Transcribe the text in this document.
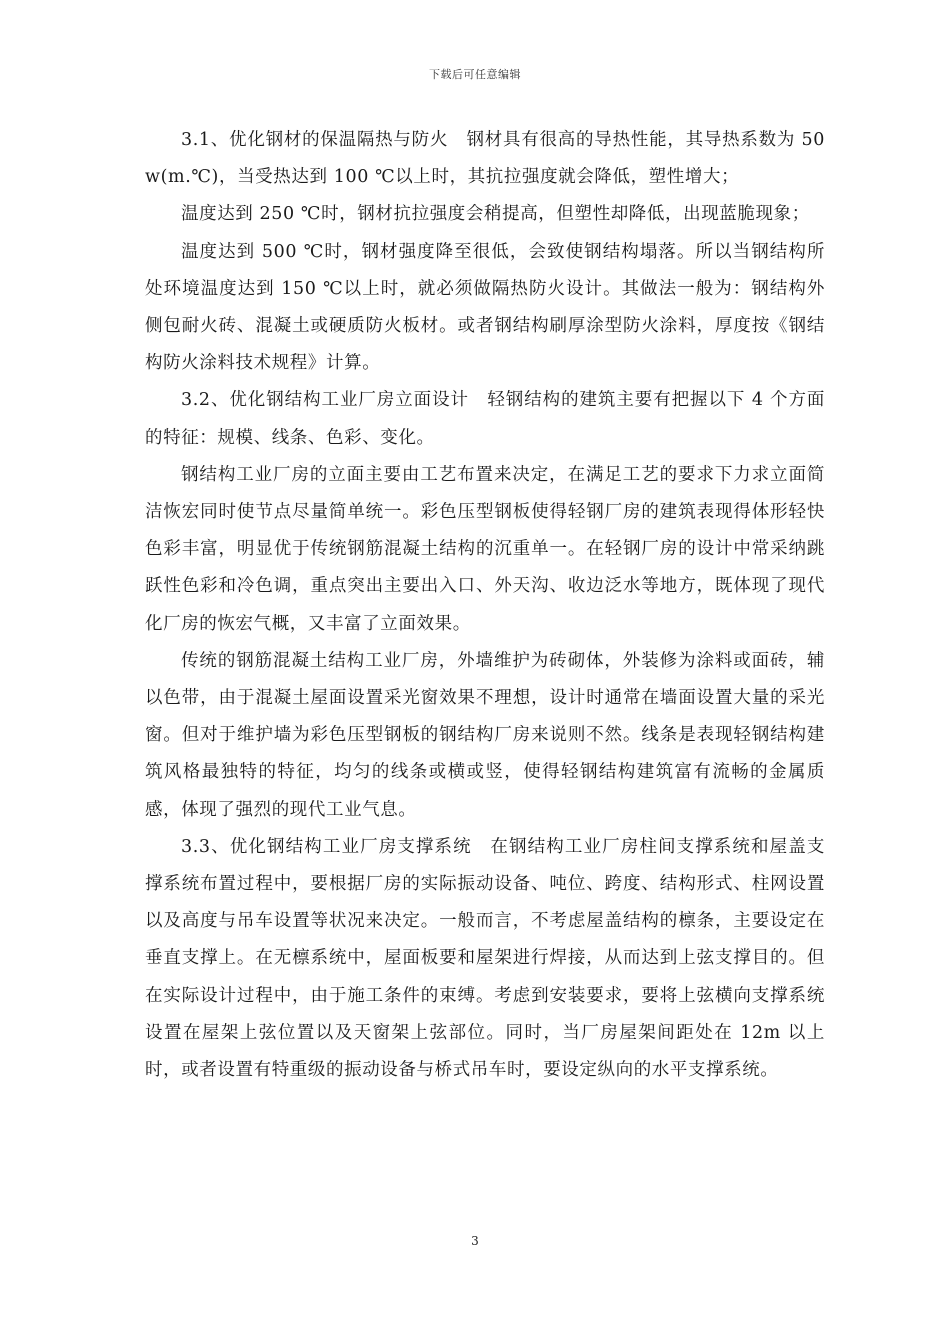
下载后可任意编辑

3.1、优化钢材的保温隔热与防火　钢材具有很高的导热性能，其导热系数为 50 w(m.℃)，当受热达到 100 ℃以上时，其抗拉强度就会降低，塑性增大；

温度达到 250 ℃时，钢材抗拉强度会稍提高，但塑性却降低，出现蓝脆现象；

温度达到 500 ℃时，钢材强度降至很低，会致使钢结构塌落。所以当钢结构所处环境温度达到 150 ℃以上时，就必须做隔热防火设计。其做法一般为：钢结构外侧包耐火砖、混凝土或硬质防火板材。或者钢结构刷厚涂型防火涂料，厚度按《钢结构防火涂料技术规程》计算。

3.2、优化钢结构工业厂房立面设计　轻钢结构的建筑主要有把握以下 4 个方面的特征：规模、线条、色彩、变化。

钢结构工业厂房的立面主要由工艺布置来决定，在满足工艺的要求下力求立面简洁恢宏同时使节点尽量简单统一。彩色压型钢板使得轻钢厂房的建筑表现得体形轻快色彩丰富，明显优于传统钢筋混凝土结构的沉重单一。在轻钢厂房的设计中常采纳跳跃性色彩和冷色调，重点突出主要出入口、外天沟、收边泛水等地方，既体现了现代化厂房的恢宏气概，又丰富了立面效果。

传统的钢筋混凝土结构工业厂房，外墙维护为砖砌体，外装修为涂料或面砖，辅以色带，由于混凝土屋面设置采光窗效果不理想，设计时通常在墙面设置大量的采光窗。但对于维护墙为彩色压型钢板的钢结构厂房来说则不然。线条是表现轻钢结构建筑风格最独特的特征，均匀的线条或横或竖，使得轻钢结构建筑富有流畅的金属质感，体现了强烈的现代工业气息。

3.3、优化钢结构工业厂房支撑系统　在钢结构工业厂房柱间支撑系统和屋盖支撑系统布置过程中，要根据厂房的实际振动设备、吨位、跨度、结构形式、柱网设置以及高度与吊车设置等状况来决定。一般而言，不考虑屋盖结构的檩条，主要设定在垂直支撑上。在无檩系统中，屋面板要和屋架进行焊接，从而达到上弦支撑目的。但在实际设计过程中，由于施工条件的束缚。考虑到安装要求，要将上弦横向支撑系统设置在屋架上弦位置以及天窗架上弦部位。同时，当厂房屋架间距处在 12m 以上时，或者设置有特重级的振动设备与桥式吊车时，要设定纵向的水平支撑系统。

3
